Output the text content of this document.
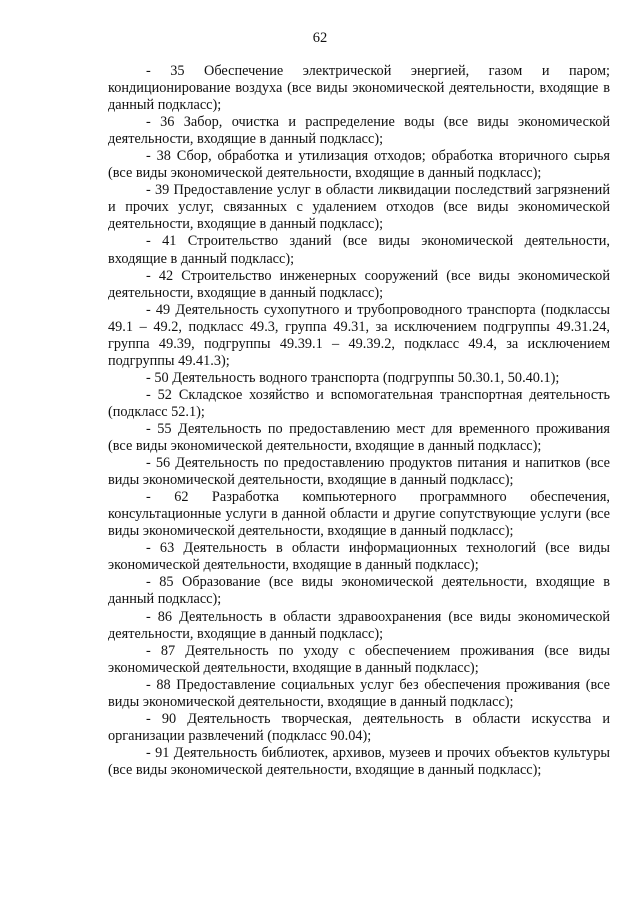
62

- 35 Обеспечение электрической энергией, газом и паром; кондиционирование воздуха (все виды экономической деятельности, входящие в данный подкласс);

- 36 Забор, очистка и распределение воды (все виды экономической деятельности, входящие в данный подкласс);

- 38 Сбор, обработка и утилизация отходов; обработка вторичного сырья (все виды экономической деятельности, входящие в данный подкласс);

- 39 Предоставление услуг в области ликвидации последствий загрязнений и прочих услуг, связанных с удалением отходов (все виды экономической деятельности, входящие в данный подкласс);

- 41 Строительство зданий (все виды экономической деятельности, входящие в данный подкласс);

- 42 Строительство инженерных сооружений (все виды экономической деятельности, входящие в данный подкласс);

- 49 Деятельность сухопутного и трубопроводного транспорта (подклассы 49.1 – 49.2, подкласс 49.3, группа 49.31, за исключением подгруппы 49.31.24, группа 49.39, подгруппы 49.39.1 – 49.39.2, подкласс 49.4, за исключением подгруппы 49.41.3);

- 50 Деятельность водного транспорта (подгруппы 50.30.1, 50.40.1);

- 52 Складское хозяйство и вспомогательная транспортная деятельность (подкласс 52.1);

- 55 Деятельность по предоставлению мест для временного проживания (все виды экономической деятельности, входящие в данный подкласс);

- 56 Деятельность по предоставлению продуктов питания и напитков (все виды экономической деятельности, входящие в данный подкласс);

- 62 Разработка компьютерного программного обеспечения, консультационные услуги в данной области и другие сопутствующие услуги (все виды экономической деятельности, входящие в данный подкласс);

- 63 Деятельность в области информационных технологий (все виды экономической деятельности, входящие в данный подкласс);

- 85 Образование (все виды экономической деятельности, входящие в данный подкласс);

- 86 Деятельность в области здравоохранения (все виды экономической деятельности, входящие в данный подкласс);

- 87 Деятельность по уходу с обеспечением проживания (все виды экономической деятельности, входящие в данный подкласс);

- 88 Предоставление социальных услуг без обеспечения проживания (все виды экономической деятельности, входящие в данный подкласс);

- 90 Деятельность творческая, деятельность в области искусства и организации развлечений (подкласс 90.04);

- 91 Деятельность библиотек, архивов, музеев и прочих объектов культуры (все виды экономической деятельности, входящие в данный подкласс);
